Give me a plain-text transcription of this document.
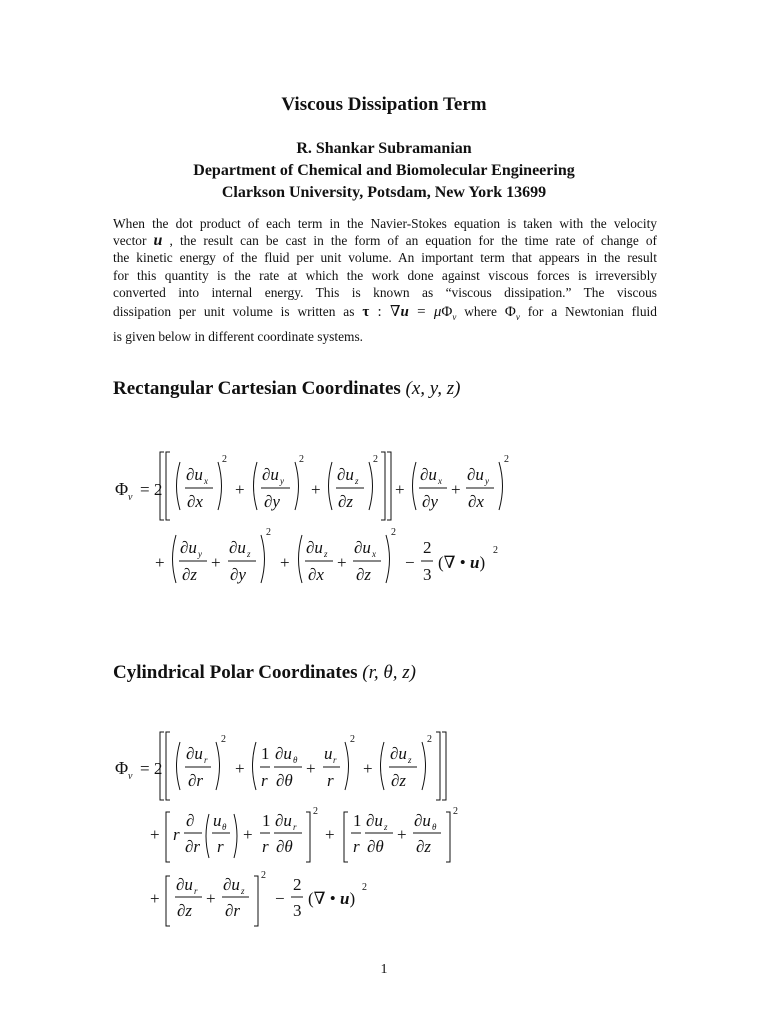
Viscous Dissipation Term
R. Shankar Subramanian
Department of Chemical and Biomolecular Engineering
Clarkson University, Potsdam, New York 13699
When the dot product of each term in the Navier-Stokes equation is taken with the velocity
vector u , the result can be cast in the form of an equation for the time rate of change of
the kinetic energy of the fluid per unit volume. An important term that appears in the result
for this quantity is the rate at which the work done against viscous forces is irreversibly
converted into internal energy. This is known as “viscous dissipation.” The viscous
dissipation per unit volume is written as τ : $\nabla u = \mu\Phi_v$ where $\Phi_v$ for a Newtonian fluid
is given below in different coordinate systems.
Rectangular Cartesian Coordinates (x, y, z)
Φ v = 2
∂u x
∂x
2
+
∂u y
∂y
2
+
∂u z
∂z
2
+
∂u x
∂y
+
∂u y
∂x
2
+
∂u y
∂z
+
∂u z
∂y
2
+
∂u z
∂x
+
∂u x
∂z
2
−
2
3
(∇ • u)
2
Cylindrical Polar Coordinates (r, θ, z)
Φ v = 2
∂u r
∂r
2
+
1
r
∂u θ
∂θ
+
u r
r
2
+
∂u z
∂z
2
+ r
∂
∂r
u θ
r
+
1
r
∂u r
∂θ
2
+
1
r
∂u z
∂θ
+
∂u θ
∂z
2
+
∂u r
∂z
+
∂u z
∂r
2
−
2
3
(∇ • u)
2
1
